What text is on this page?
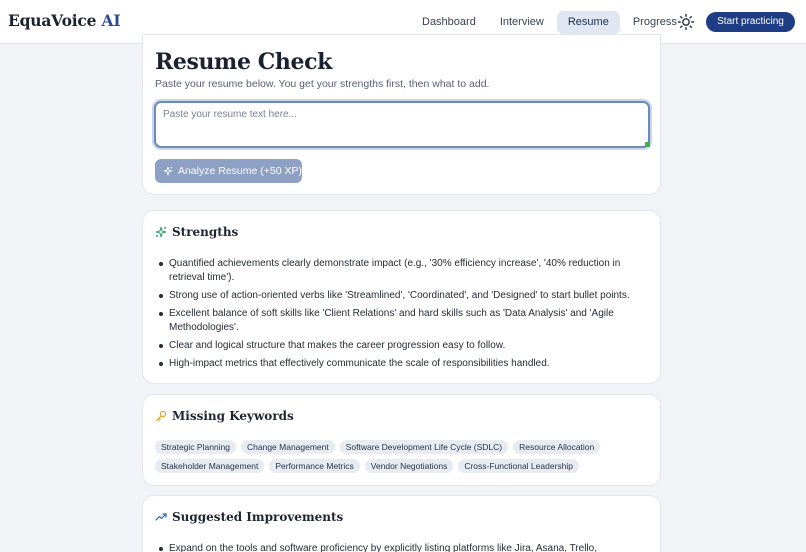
EquaVoice AI	Dashboard	Interview	Resume	Progress	Start practicing
Resume Check
Paste your resume below. You get your strengths first, then what to add.
Paste your resume text here...
Analyze Resume (+50 XP)
Strengths
Quantified achievements clearly demonstrate impact (e.g., '30% efficiency increase', '40% reduction in retrieval time').
Strong use of action-oriented verbs like 'Streamlined', 'Coordinated', and 'Designed' to start bullet points.
Excellent balance of soft skills like 'Client Relations' and hard skills such as 'Data Analysis' and 'Agile Methodologies'.
Clear and logical structure that makes the career progression easy to follow.
High-impact metrics that effectively communicate the scale of responsibilities handled.
Missing Keywords
Strategic Planning	Change Management	Software Development Life Cycle (SDLC)	Resource Allocation
Stakeholder Management	Performance Metrics	Vendor Negotiations	Cross-Functional Leadership
Suggested Improvements
Expand on the tools and software proficiency by explicitly listing platforms like Jira, Asana, Trello,
